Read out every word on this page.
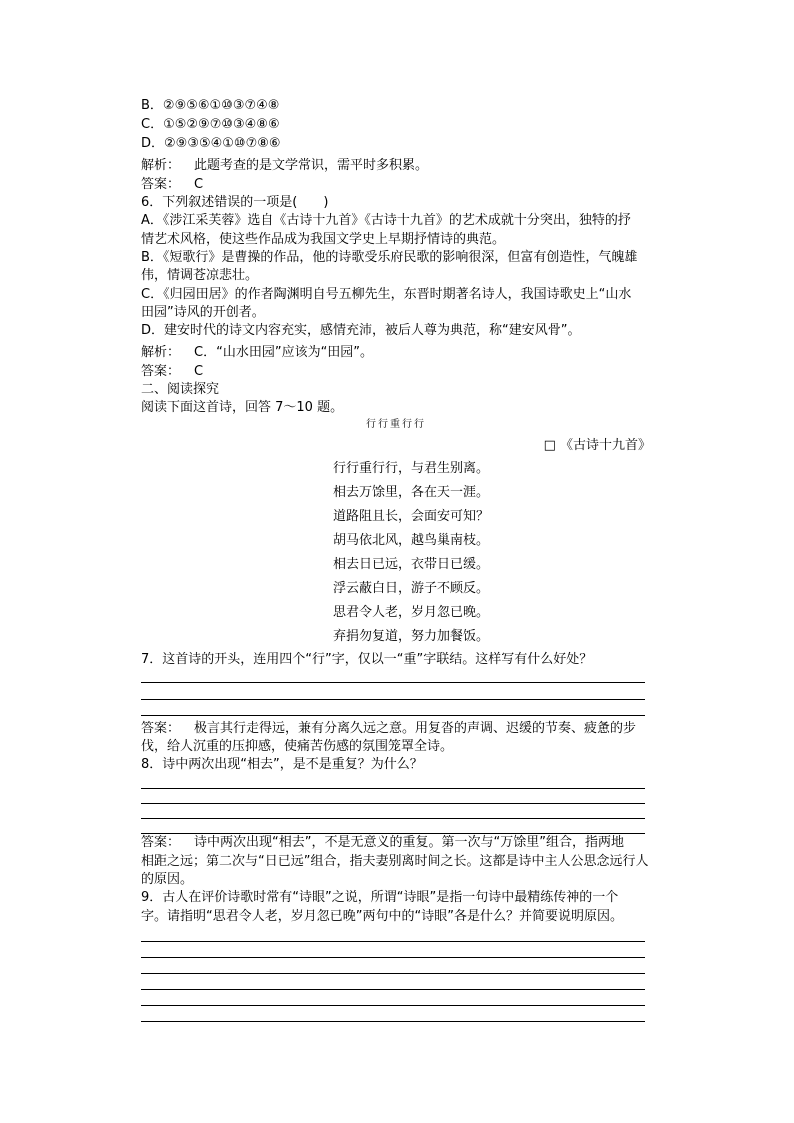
B．②⑨⑤⑥①⑩③⑦④⑧
C．①⑤②⑨⑦⑩③④⑧⑥
D．②⑨③⑤④①⑩⑦⑧⑥
解析： 此题考查的是文学常识，需平时多积累。
答案： C
6．下列叙述错误的一项是(　　)
A．《涉江采芙蓉》选自《古诗十九首》《古诗十九首》的艺术成就十分突出，独特的抒
情艺术风格，使这些作品成为我国文学史上早期抒情诗的典范。
B．《短歌行》是曹操的作品，他的诗歌受乐府民歌的影响很深，但富有创造性，气魄雄
伟，情调苍凉悲壮。
C．《归园田居》的作者陶渊明自号五柳先生，东晋时期著名诗人，我国诗歌史上“山水
田园”诗风的开创者。
D．建安时代的诗文内容充实，感情充沛，被后人尊为典范，称“建安风骨”。
解析： C．“山水田园”应该为“田园”。
答案： C
二、阅读探究
阅读下面这首诗，回答 7～10 题。
行行重行行
□ 《古诗十九首》
行行重行行，与君生别离。
相去万馀里，各在天一涯。
道路阻且长，会面安可知？
胡马依北风，越鸟巢南枝。
相去日已远，衣带日已缓。
浮云蔽白日，游子不顾反。
思君令人老，岁月忽已晚。
弃捐勿复道，努力加餐饭。
7．这首诗的开头，连用四个“行”字，仅以一“重”字联结。这样写有什么好处？
答案： 极言其行走得远，兼有分离久远之意。用复沓的声调、迟缓的节奏、疲惫的步
伐，给人沉重的压抑感，使痛苦伤感的氛围笼罩全诗。
8．诗中两次出现“相去”，是不是重复？为什么？
答案： 诗中两次出现“相去”，不是无意义的重复。第一次与“万馀里”组合，指两地
相距之远；第二次与“日已远”组合，指夫妻别离时间之长。这都是诗中主人公思念远行人
的原因。
9．古人在评价诗歌时常有“诗眼”之说，所谓“诗眼”是指一句诗中最精练传神的一个
字。请指明“思君令人老，岁月忽已晚”两句中的“诗眼”各是什么？并简要说明原因。
